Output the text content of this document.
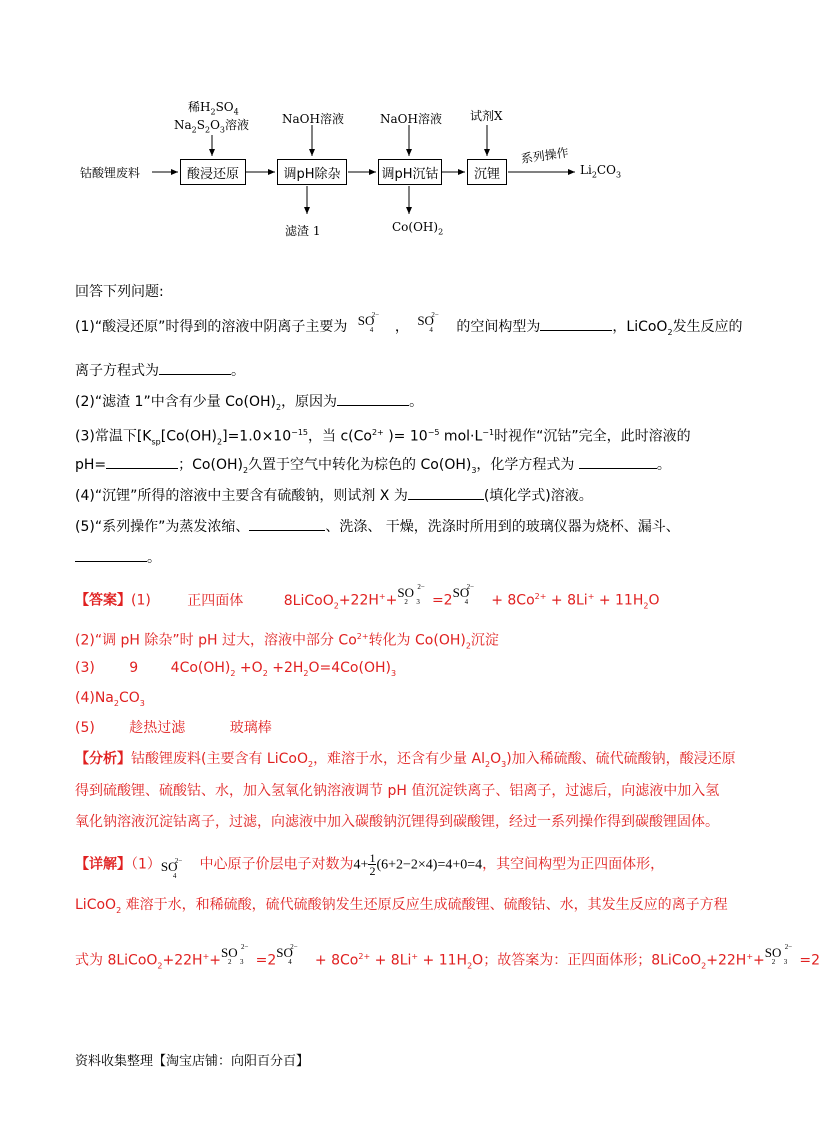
钴酸锂废料	酸浸还原	调pH除杂	调pH沉钴	沉锂
稀$H_2SO_4$
$Na_2S_2O_3$溶液	NaOH溶液	NaOH溶液 试剂X
滤渣 1	$Co(OH)_2$
系列操作
$Li_2CO_3$
回答下列问题:
(1)“酸浸还原”时得到的溶液中阴离子主要为 SO
4
2−
， SO
4
2−
的空间构型为	，LiCoO$_2$发生反应的
离子方程式为	。
(2)“滤渣 1”中含有少量 $Co(OH)_2$，原因为	。
(3)常温下[$K_{sp}[Co(OH)_2]=1.0\times 10^{-15}$，当 $c(Co^{2+}$ )= $10^{-5}$ $mol\cdot L^{-1}$时视作“沉钴”完全，此时溶液的
pH=	；$Co(OH)_2$久置于空气中转化为棕色的 $Co(OH)_3$，化学方程式为	。
(4)“沉锂”所得的溶液中主要含有硫酸钠，则试剂 X 为	(填化学式)溶液。
(5)“系列操作”为蒸发浓缩、	、洗涤、 干燥，洗涤时所用到的玻璃仪器为烧杯、漏斗、
。
【答案】(1)	正四面体	8LiCoO$_2$+22H++S
2
O
3
2−
=2SO
4
2−
+ $8Co^{2+} + 8Li^+ + 11H_2O$
(2)“调 pH 除杂”时 pH 过大，溶液中部分 $Co^{2+}$转化为 $Co(OH)_2$沉淀
(3) 9 $4Co(OH)_2 +O_2 +2H_2O=4Co(OH)_3$
$(4)Na_2CO_3$
(5) 趁热过滤	玻璃棒
【分析】钴酸锂废料(主要含有 LiCoO$_2$，难溶于水，还含有少量 $Al_2O_3$)加入稀硫酸、硫代硫酸钠，酸浸还原
得到硫酸锂、硫酸钴、水，加入氢氧化钠溶液调节 pH 值沉淀铁离子、铝离子，过滤后，向滤液中加入氢
氧化钠溶液沉淀钴离子，过滤，向滤液中加入碳酸钠沉锂得到碳酸锂，经过一系列操作得到碳酸锂固体。
【详解】（1）SO
4
2− 中心原子价层电子对数为$4+ \frac{1}{2} (6+2-2\times 4)=4+0=4$，其空间构型为正四面体形，
LiCoO$_2$ 难溶于水，和稀硫酸，硫代硫酸钠发生还原反应生成硫酸锂、硫酸钴、水，其发生反应的离子方程
式为 8LiCoO$_2$+22H++S
2
O
3
2−
=2SO
4
2−
+ $8Co^{2+} + 8Li^+ + 11H_2O$；故答案为：正四面体形；8LiCoO$_2$+22H++S
2
O
3
2−
=2
资料收集整理【淘宝店铺：向阳百分百】
